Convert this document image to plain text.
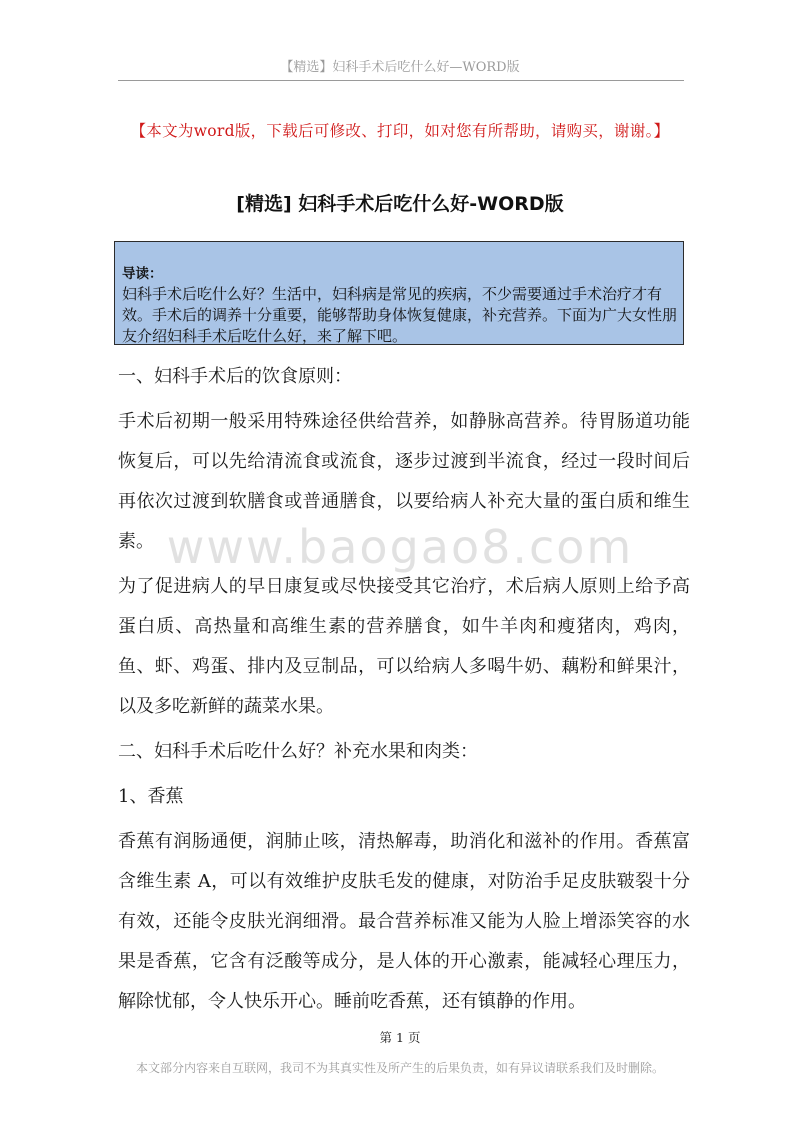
【精选】妇科手术后吃什么好—WORD版
【本文为word版，下载后可修改、打印，如对您有所帮助，请购买，谢谢。】
[精选] 妇科手术后吃什么好-WORD版
导读：
妇科手术后吃什么好？生活中，妇科病是常见的疾病，不少需要通过手术治疗才有效。手术后的调养十分重要，能够帮助身体恢复健康，补充营养。下面为广大女性朋友介绍妇科手术后吃什么好，来了解下吧。

一、妇科手术后的饮食原则：

手术后初期一般采用特殊途径供给营养，如静脉高营养。待胃肠道功能恢复后，可以先给清流食或流食，逐步过渡到半流食，经过一段时间后再依次过渡到软膳食或普通膳食，以要给病人补充大量的蛋白质和维生素。

为了促进病人的早日康复或尽快接受其它治疗，术后病人原则上给予高蛋白质、高热量和高维生素的营养膳食，如牛羊肉和瘦猪肉，鸡肉，鱼、虾、鸡蛋、排内及豆制品，可以给病人多喝牛奶、藕粉和鲜果汁，以及多吃新鲜的蔬菜水果。

二、妇科手术后吃什么好？补充水果和肉类：

1、香蕉

香蕉有润肠通便，润肺止咳，清热解毒，助消化和滋补的作用。香蕉富含维生素 A，可以有效维护皮肤毛发的健康，对防治手足皮肤皲裂十分有效，还能令皮肤光润细滑。最合营养标准又能为人脸上增添笑容的水果是香蕉，它含有泛酸等成分，是人体的开心激素，能减轻心理压力，解除忧郁，令人快乐开心。睡前吃香蕉，还有镇静的作用。

www.baogao8.com
第 1 页
本文部分内容来自互联网，我司不为其真实性及所产生的后果负责，如有异议请联系我们及时删除。
